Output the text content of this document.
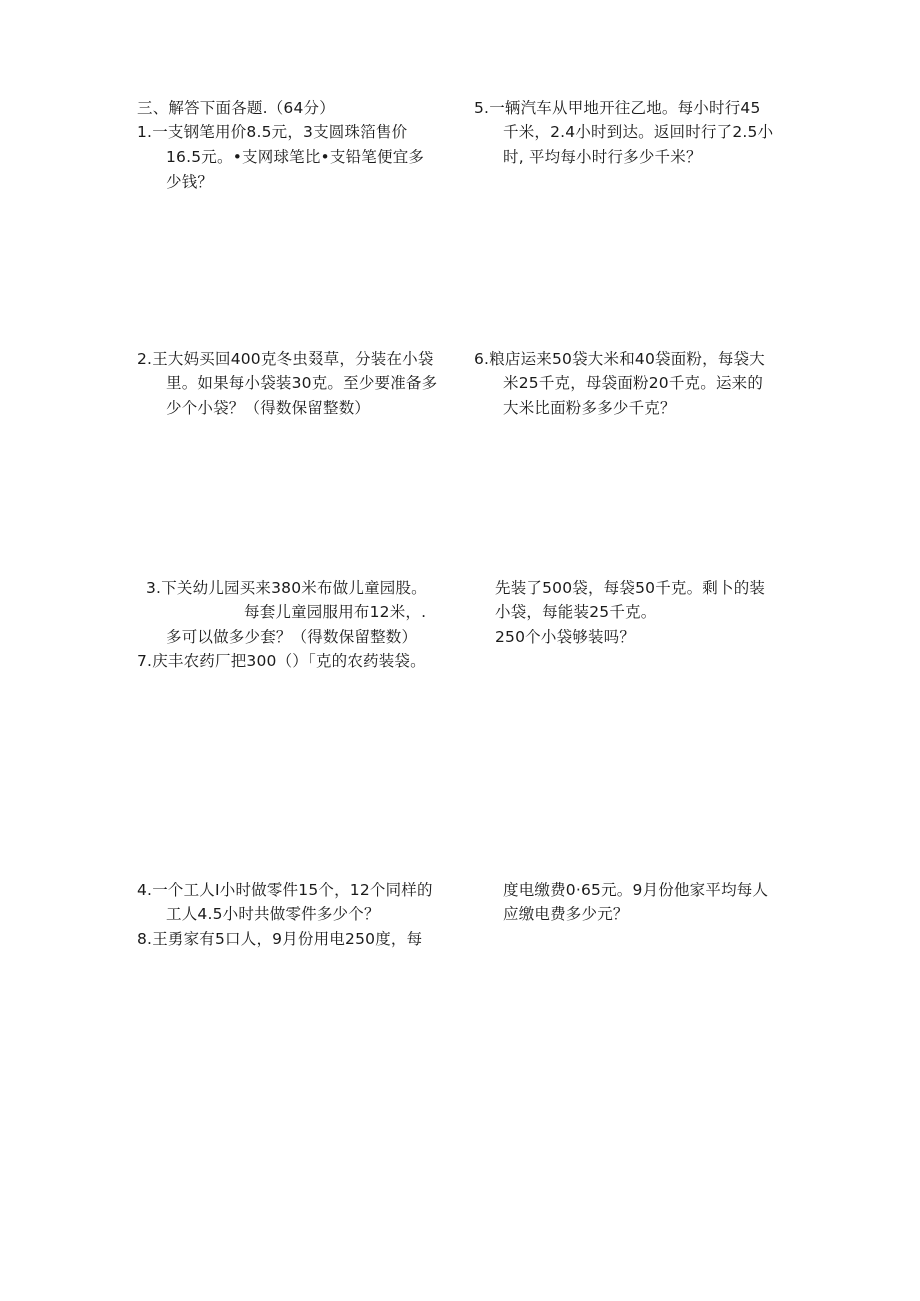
三、解答下面各题.（64分）
1.一支钢笔用价8.5元，3支圆珠箔售价
16.5元。•支网球笔比•支铅笔便宜多
少钱？
5.一辆汽车从甲地开往乙地。每小时行45
千米，2.4小时到达。返回时行了2.5小
时, 平均每小时行多少千米？
2.王大妈买回400克冬虫叕草，分装在小袋
里。如果每小袋装30克。至少要准备多
少个小袋？（得数保留整数）
6.粮店运来50袋大米和40袋面粉，每袋大
米25千克，母袋面粉20千克。运来的
大米比面粉多多少千克？
3.下关幼儿园买来380米布做儿童园股。
每套儿童园服用布12米，.
多可以做多少套？（得数保留整数）
7.庆丰农药厂把300（）「克的农药装袋。
先装了500袋，每袋50千克。剩卜的装
小袋，每能装25千克。
250个小袋够装吗？
4.一个工人I小时做零件15个，12个同样的
工人4.5小时共做零件多少个？
8.王勇家有5口人，9月份用电250度，每
度电缴费0·65元。9月份他家平均每人
应缴电费多少元？
